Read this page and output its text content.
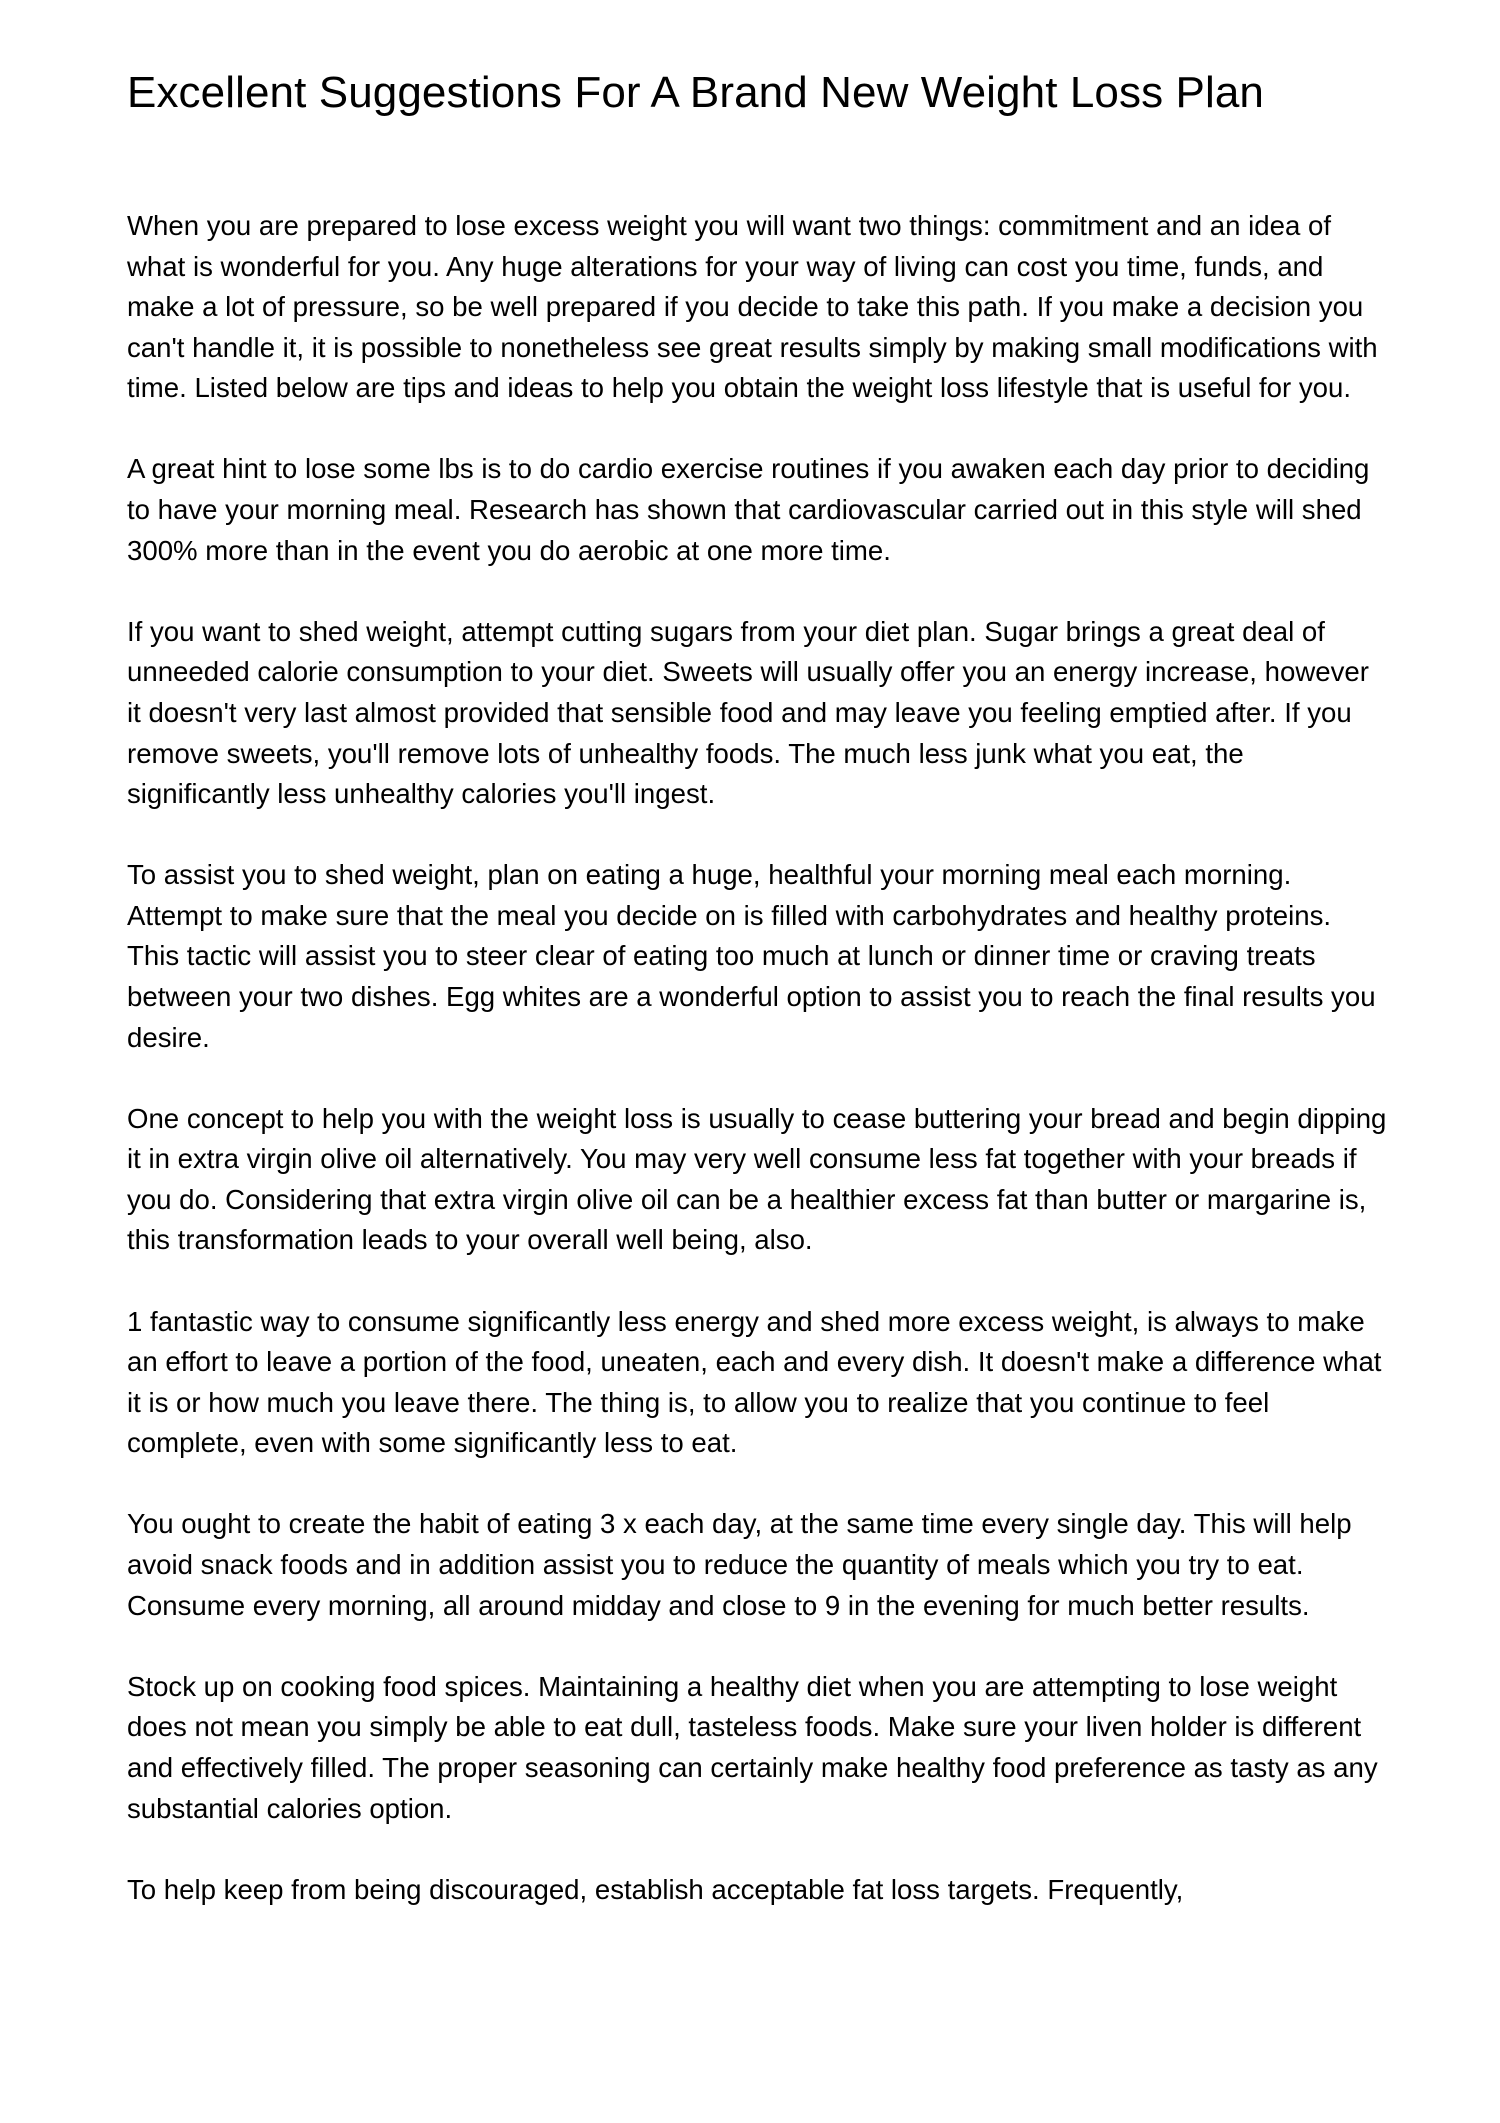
Excellent Suggestions For A Brand New Weight Loss Plan

When you are prepared to lose excess weight you will want two things: commitment and an idea of what is wonderful for you. Any huge alterations for your way of living can cost you time, funds, and make a lot of pressure, so be well prepared if you decide to take this path. If you make a decision you can't handle it, it is possible to nonetheless see great results simply by making small modifications with time. Listed below are tips and ideas to help you obtain the weight loss lifestyle that is useful for you.

A great hint to lose some lbs is to do cardio exercise routines if you awaken each day prior to deciding to have your morning meal. Research has shown that cardiovascular carried out in this style will shed 300% more than in the event you do aerobic at one more time.

If you want to shed weight, attempt cutting sugars from your diet plan. Sugar brings a great deal of unneeded calorie consumption to your diet. Sweets will usually offer you an energy increase, however it doesn't very last almost provided that sensible food and may leave you feeling emptied after. If you remove sweets, you'll remove lots of unhealthy foods. The much less junk what you eat, the significantly less unhealthy calories you'll ingest.

To assist you to shed weight, plan on eating a huge, healthful your morning meal each morning. Attempt to make sure that the meal you decide on is filled with carbohydrates and healthy proteins. This tactic will assist you to steer clear of eating too much at lunch or dinner time or craving treats between your two dishes. Egg whites are a wonderful option to assist you to reach the final results you desire.

One concept to help you with the weight loss is usually to cease buttering your bread and begin dipping it in extra virgin olive oil alternatively. You may very well consume less fat together with your breads if you do. Considering that extra virgin olive oil can be a healthier excess fat than butter or margarine is, this transformation leads to your overall well being, also.

1 fantastic way to consume significantly less energy and shed more excess weight, is always to make an effort to leave a portion of the food, uneaten, each and every dish. It doesn't make a difference what it is or how much you leave there. The thing is, to allow you to realize that you continue to feel complete, even with some significantly less to eat.

You ought to create the habit of eating 3 x each day, at the same time every single day. This will help avoid snack foods and in addition assist you to reduce the quantity of meals which you try to eat. Consume every morning, all around midday and close to 9 in the evening for much better results.

Stock up on cooking food spices. Maintaining a healthy diet when you are attempting to lose weight does not mean you simply be able to eat dull, tasteless foods. Make sure your liven holder is different and effectively filled. The proper seasoning can certainly make healthy food preference as tasty as any substantial calories option.

To help keep from being discouraged, establish acceptable fat loss targets. Frequently,
